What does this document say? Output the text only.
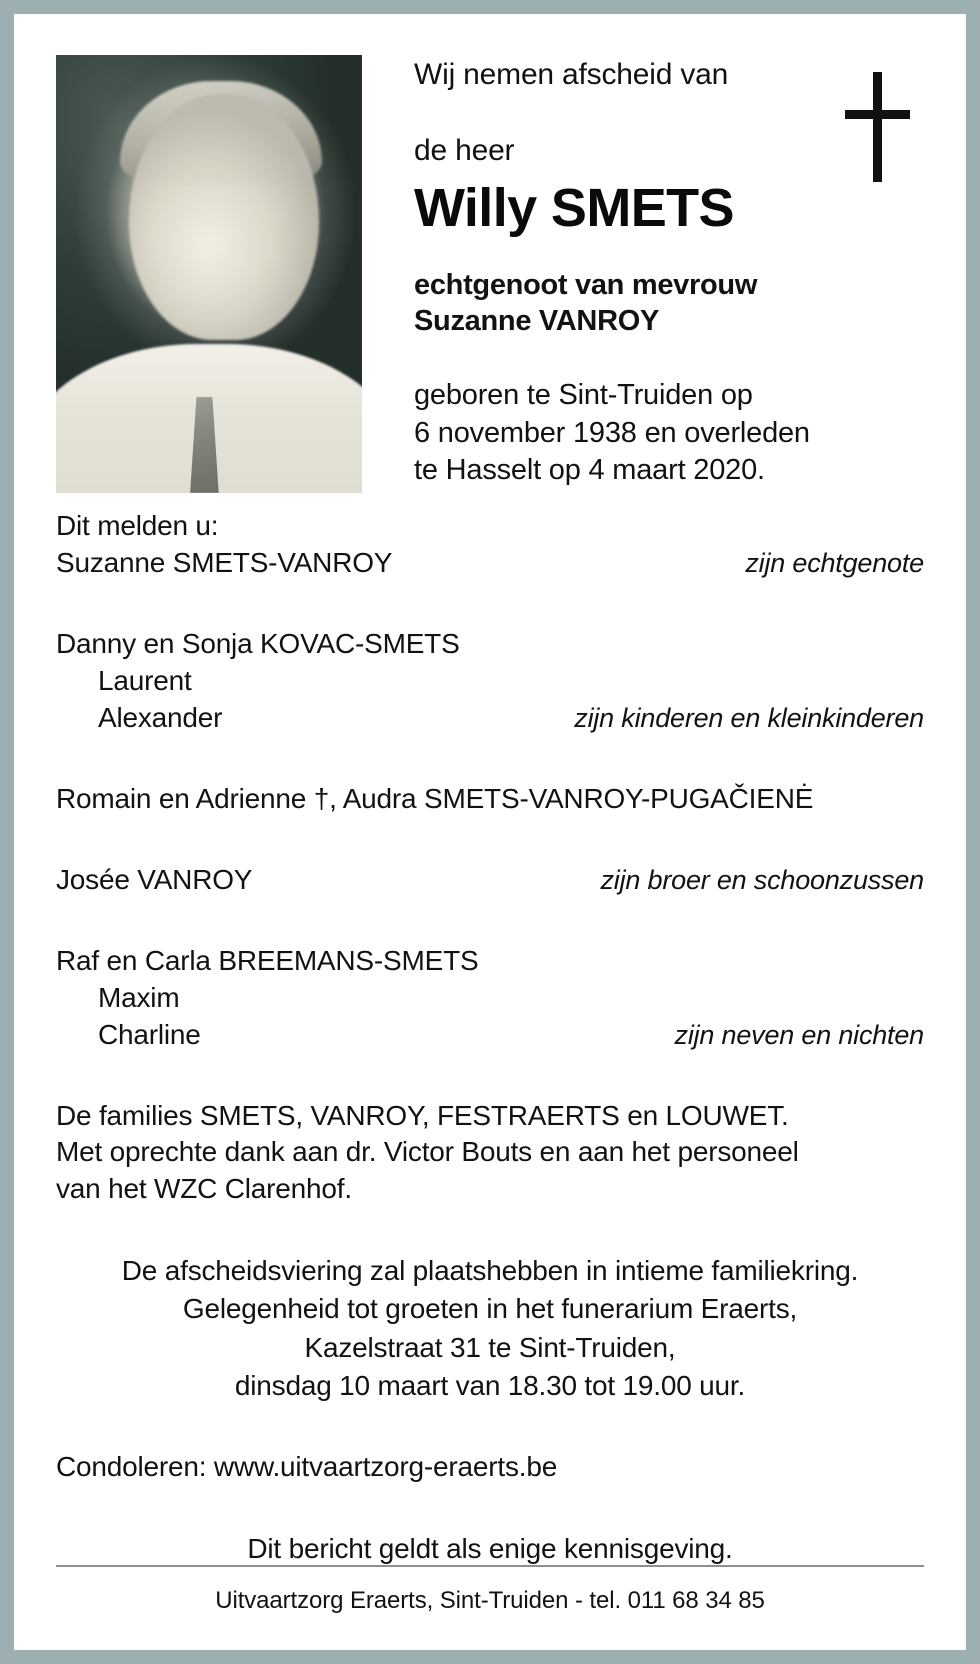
Wij nemen afscheid van
de heer
Willy SMETS
echtgenoot van mevrouw
Suzanne VANROY
geboren te Sint-Truiden op
6 november 1938 en overleden
te Hasselt op 4 maart 2020.
Dit melden u:
Suzanne SMETS-VANROY	zijn echtgenote
Danny en Sonja KOVAC-SMETS
Laurent
Alexander	zijn kinderen en kleinkinderen
Romain en Adrienne †, Audra SMETS-VANROY-PUGAČIENĖ
Josée VANROY	zijn broer en schoonzussen
Raf en Carla BREEMANS-SMETS
Maxim
Charline	zijn neven en nichten
De families SMETS, VANROY, FESTRAERTS en LOUWET.
Met oprechte dank aan dr. Victor Bouts en aan het personeel
van het WZC Clarenhof.
De afscheidsviering zal plaatshebben in intieme familiekring.
Gelegenheid tot groeten in het funerarium Eraerts,
Kazelstraat 31 te Sint-Truiden,
dinsdag 10 maart van 18.30 tot 19.00 uur.
Condoleren: www.uitvaartzorg-eraerts.be
Dit bericht geldt als enige kennisgeving.
Uitvaartzorg Eraerts, Sint-Truiden - tel. 011 68 34 85
